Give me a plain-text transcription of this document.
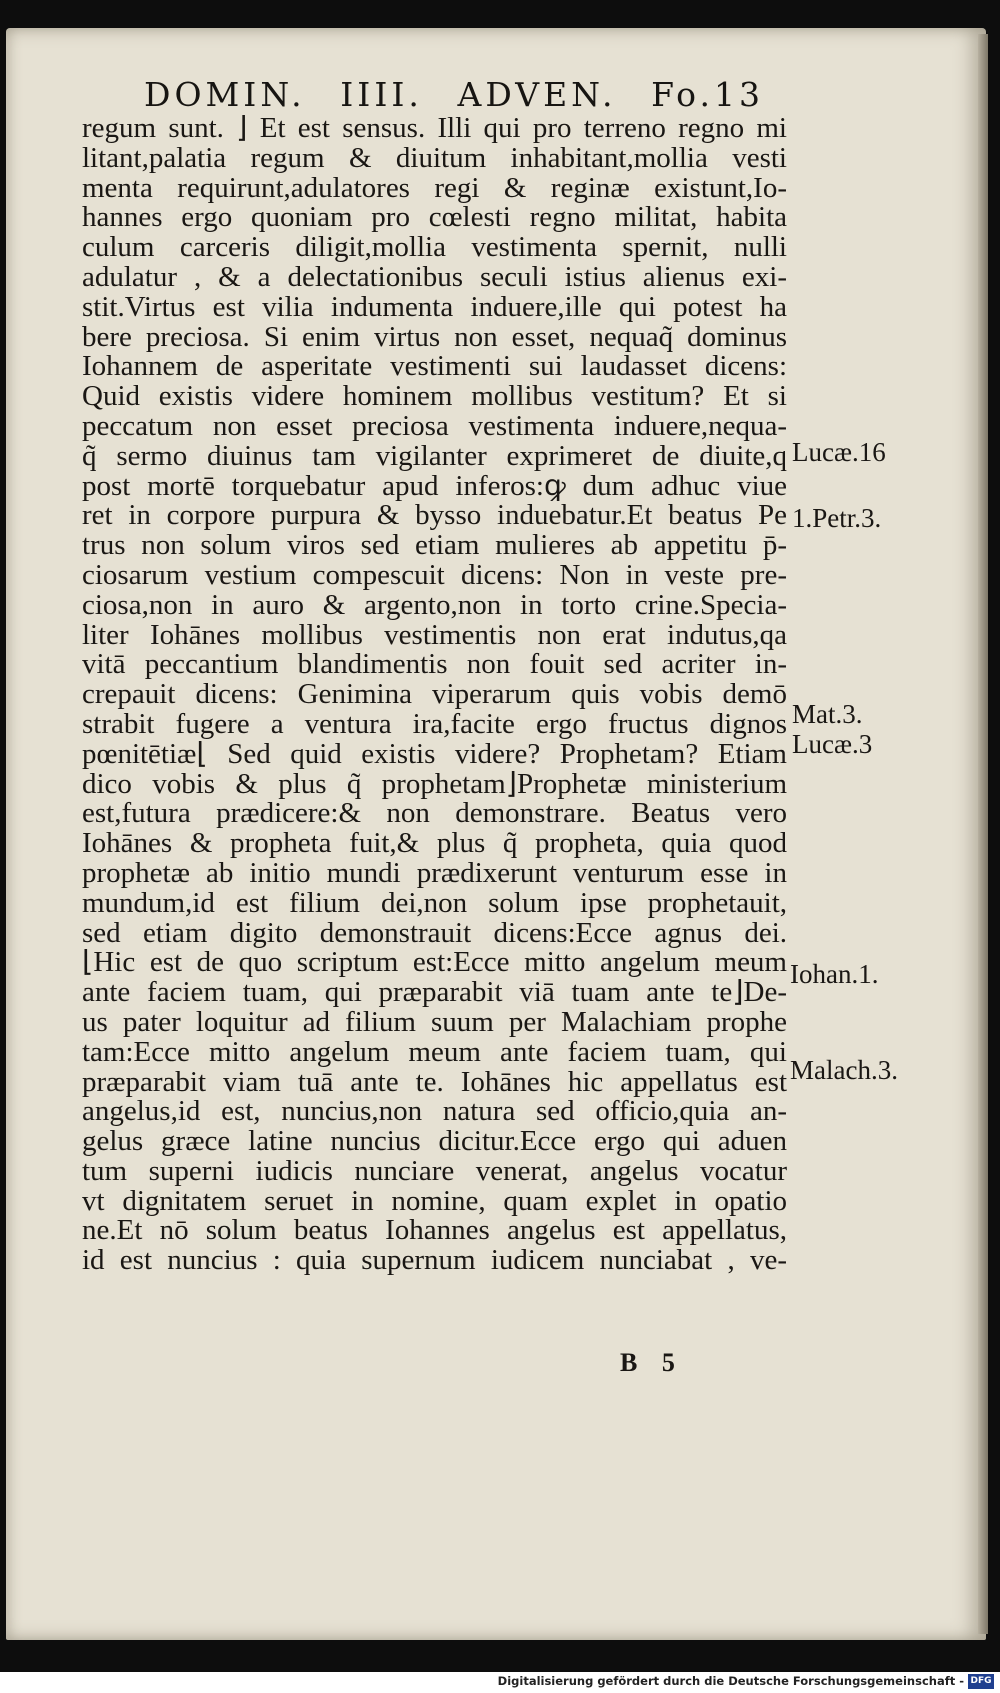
DOMIN. IIII. ADVEN. Fo.13
regum sunt. ⌋ Et est sensus. Illi qui pro terreno regno mi
litant,palatia regum & diuitum inhabitant,mollia vesti
menta requirunt,adulatores regi & reginæ existunt,Io-
hannes ergo quoniam pro cœlesti regno militat, habita
culum carceris diligit,mollia vestimenta spernit, nulli
adulatur , & a delectationibus seculi istius alienus exi-
stit.Virtus est vilia indumenta induere,ille qui potest ha
bere preciosa. Si enim virtus non esset, nequaq̃ dominus
Iohannem de asperitate vestimenti sui laudasset dicens:
Quid existis videre hominem mollibus vestitum? Et si
peccatum non esset preciosa vestimenta induere,nequa-
q̃ sermo diuinus tam vigilanter exprimeret de diuite,q
post mortē torquebatur apud inferos:ꝙ dum adhuc viue
ret in corpore purpura & bysso induebatur.Et beatus Pe
trus non solum viros sed etiam mulieres ab appetitu p̄-
ciosarum vestium compescuit dicens: Non in veste pre-
ciosa,non in auro & argento,non in torto crine.Specia-
liter Iohānes mollibus vestimentis non erat indutus,qa
vitā peccantium blandimentis non fouit sed acriter in-
crepauit dicens: Genimina viperarum quis vobis demō
strabit fugere a ventura ira,facite ergo fructus dignos
pœnitētiæ⌊ Sed quid existis videre? Prophetam? Etiam
dico vobis & plus q̃ prophetam⌋Prophetæ ministerium
est,futura prædicere:& non demonstrare. Beatus vero
Iohānes & propheta fuit,& plus q̃ propheta, quia quod
prophetæ ab initio mundi prædixerunt venturum esse in
mundum,id est filium dei,non solum ipse prophetauit,
sed etiam digito demonstrauit dicens:Ecce agnus dei.
⌊Hic est de quo scriptum est:Ecce mitto angelum meum
ante faciem tuam, qui præparabit viā tuam ante te⌋De-
us pater loquitur ad filium suum per Malachiam prophe
tam:Ecce mitto angelum meum ante faciem tuam, qui
præparabit viam tuā ante te. Iohānes hic appellatus est
angelus,id est, nuncius,non natura sed officio,quia an-
gelus græce latine nuncius dicitur.Ecce ergo qui aduen
tum superni iudicis nunciare venerat, angelus vocatur
vt dignitatem seruet in nomine, quam explet in opatio
ne.Et nō solum beatus Iohannes angelus est appellatus,
id est nuncius : quia supernum iudicem nunciabat , ve-
Lucæ.16
1.Petr.3.
Mat.3.
Lucæ.3
Iohan.1.
Malach.3.
B 5
Digitalisierung gefördert durch die Deutsche Forschungsgemeinschaft - DFG
